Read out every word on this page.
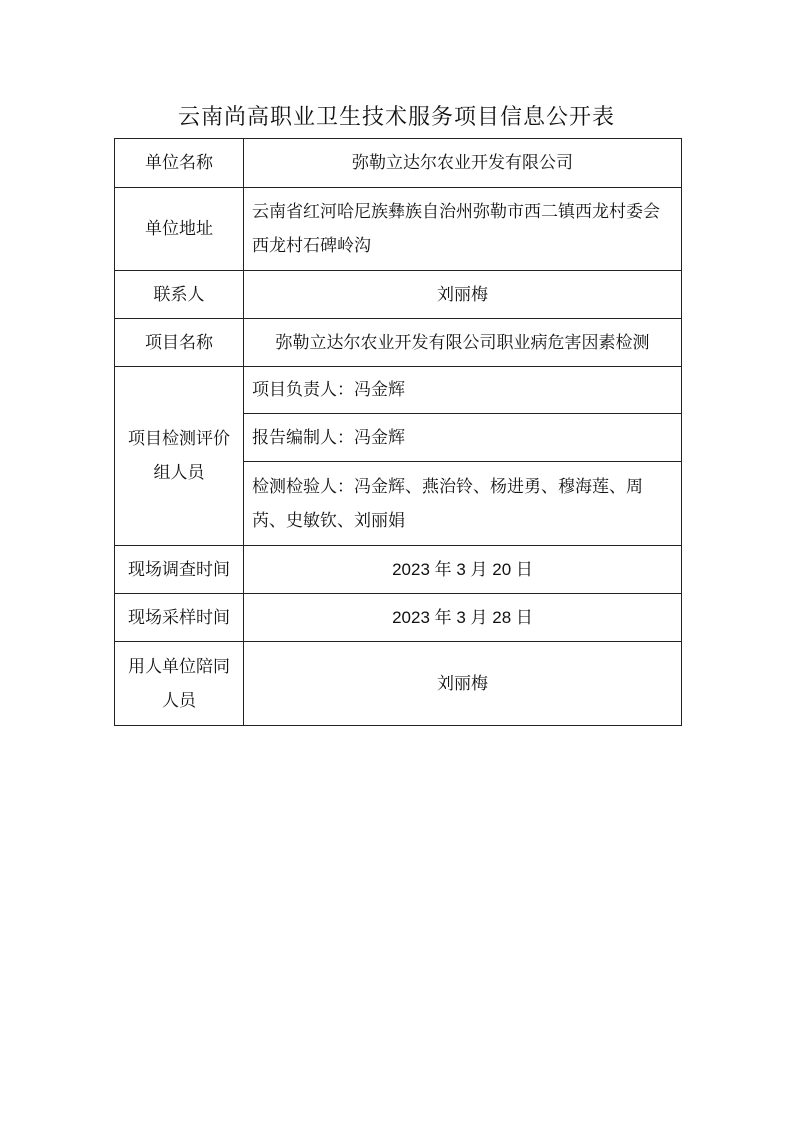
云南尚高职业卫生技术服务项目信息公开表
单位名称	弥勒立达尔农业开发有限公司
单位地址	云南省红河哈尼族彝族自治州弥勒市西二镇西龙村委会西龙村石碑岭沟
联系人	刘丽梅
项目名称	弥勒立达尔农业开发有限公司职业病危害因素检测
项目检测评价组人员	项目负责人：冯金辉
	报告编制人：冯金辉
	检测检验人：冯金辉、燕治铃、杨进勇、穆海莲、周芮、史敏钦、刘丽娟
现场调查时间	2023 年 3 月 20 日
现场采样时间	2023 年 3 月 28 日
用人单位陪同人员	刘丽梅
